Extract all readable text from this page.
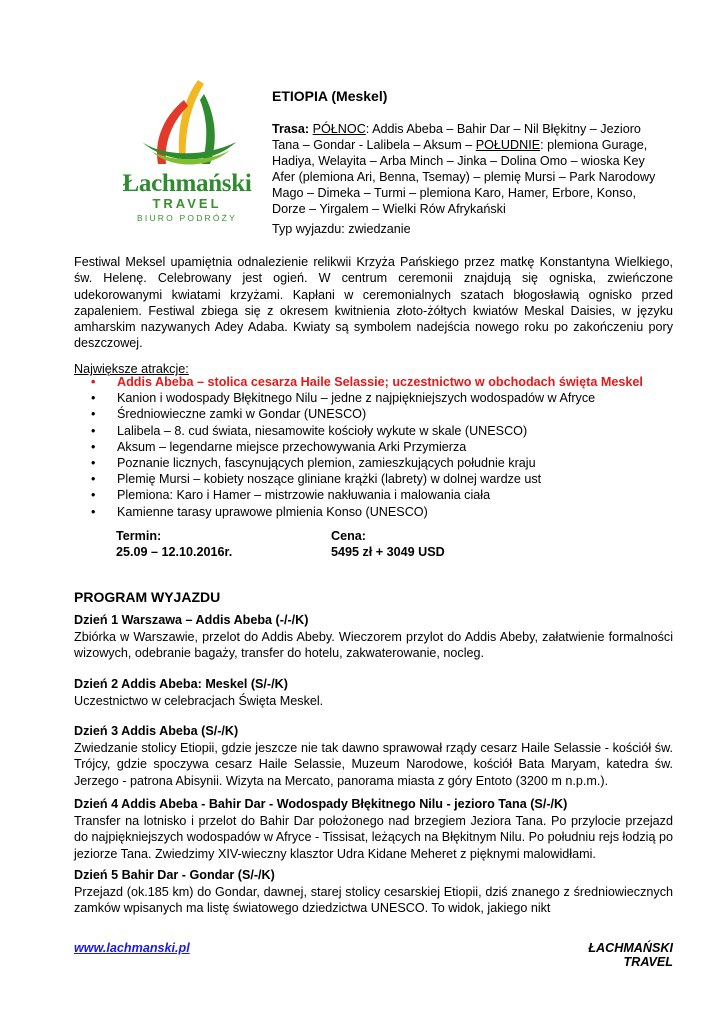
Łachmański
TRAVEL
BIURO PODRÓŻY
ETIOPIA (Meskel)
Trasa: PÓŁNOC: Addis Abeba – Bahir Dar – Nil Błękitny – Jezioro Tana – Gondar - Lalibela – Aksum – POŁUDNIE: plemiona Gurage, Hadiya, Welayita – Arba Minch – Jinka – Dolina Omo – wioska Key Afer (plemiona Ari, Benna, Tsemay) – plemię Mursi – Park Narodowy Mago – Dimeka – Turmi – plemiona Karo, Hamer, Erbore, Konso, Dorze – Yirgalem – Wielki Rów Afrykański
Typ wyjazdu: zwiedzanie
Festiwal Meksel upamiętnia odnalezienie relikwii Krzyża Pańskiego przez matkę Konstantyna Wielkiego, św. Helenę. Celebrowany jest ogień. W centrum ceremonii znajdują się ogniska, zwieńczone udekorowanymi kwiatami krzyżami. Kapłani w ceremonialnych szatach błogosławią ognisko przed zapaleniem. Festiwal zbiega się z okresem kwitnienia złoto-żółtych kwiatów Meskal Daisies, w języku amharskim nazywanych Adey Adaba. Kwiaty są symbolem nadejścia nowego roku po zakończeniu pory deszczowej.
Największe atrakcje:
• Addis Abeba – stolica cesarza Haile Selassie; uczestnictwo w obchodach święta Meskel
• Kanion i wodospady Błękitnego Nilu – jedne z najpiękniejszych wodospadów w Afryce
• Średniowieczne zamki w Gondar (UNESCO)
• Lalibela – 8. cud świata, niesamowite kościoły wykute w skale (UNESCO)
• Aksum – legendarne miejsce przechowywania Arki Przymierza
• Poznanie licznych, fascynujących plemion, zamieszkujących południe kraju
• Plemię Mursi – kobiety noszące gliniane krążki (labrety) w dolnej wardze ust
• Plemiona: Karo i Hamer – mistrzowie nakłuwania i malowania ciała
• Kamienne tarasy uprawowe plmienia Konso (UNESCO)
Termin:
25.09 – 12.10.2016r.
Cena:
5495 zł + 3049 USD
PROGRAM WYJAZDU
Dzień 1 Warszawa – Addis Abeba (-/-/K)
Zbiórka w Warszawie, przelot do Addis Abeby. Wieczorem przylot do Addis Abeby, załatwienie formalności wizowych, odebranie bagaży, transfer do hotelu, zakwaterowanie, nocleg.
Dzień 2 Addis Abeba: Meskel (S/-/K)
Uczestnictwo w celebracjach Święta Meskel.
Dzień 3 Addis Abeba (S/-/K)
Zwiedzanie stolicy Etiopii, gdzie jeszcze nie tak dawno sprawował rządy cesarz Haile Selassie - kościół św. Trójcy, gdzie spoczywa cesarz Haile Selassie, Muzeum Narodowe, kościół Bata Maryam, katedra św. Jerzego - patrona Abisynii. Wizyta na Mercato, panorama miasta z góry Entoto (3200 m n.p.m.).
Dzień 4 Addis Abeba - Bahir Dar - Wodospady Błękitnego Nilu - jezioro Tana (S/-/K)
Transfer na lotnisko i przelot do Bahir Dar położonego nad brzegiem Jeziora Tana. Po przylocie przejazd do najpiękniejszych wodospadów w Afryce - Tissisat, leżących na Błękitnym Nilu. Po południu rejs łodzią po jeziorze Tana. Zwiedzimy XIV-wieczny klasztor Udra Kidane Meheret z pięknymi malowidłami.
Dzień 5 Bahir Dar - Gondar (S/-/K)
Przejazd (ok.185 km) do Gondar, dawnej, starej stolicy cesarskiej Etiopii, dziś znanego z średniowiecznych zamków wpisanych ma listę światowego dziedzictwa UNESCO. To widok, jakiego nikt
www.lachmanski.pl	ŁACHMAŃSKI TRAVEL
